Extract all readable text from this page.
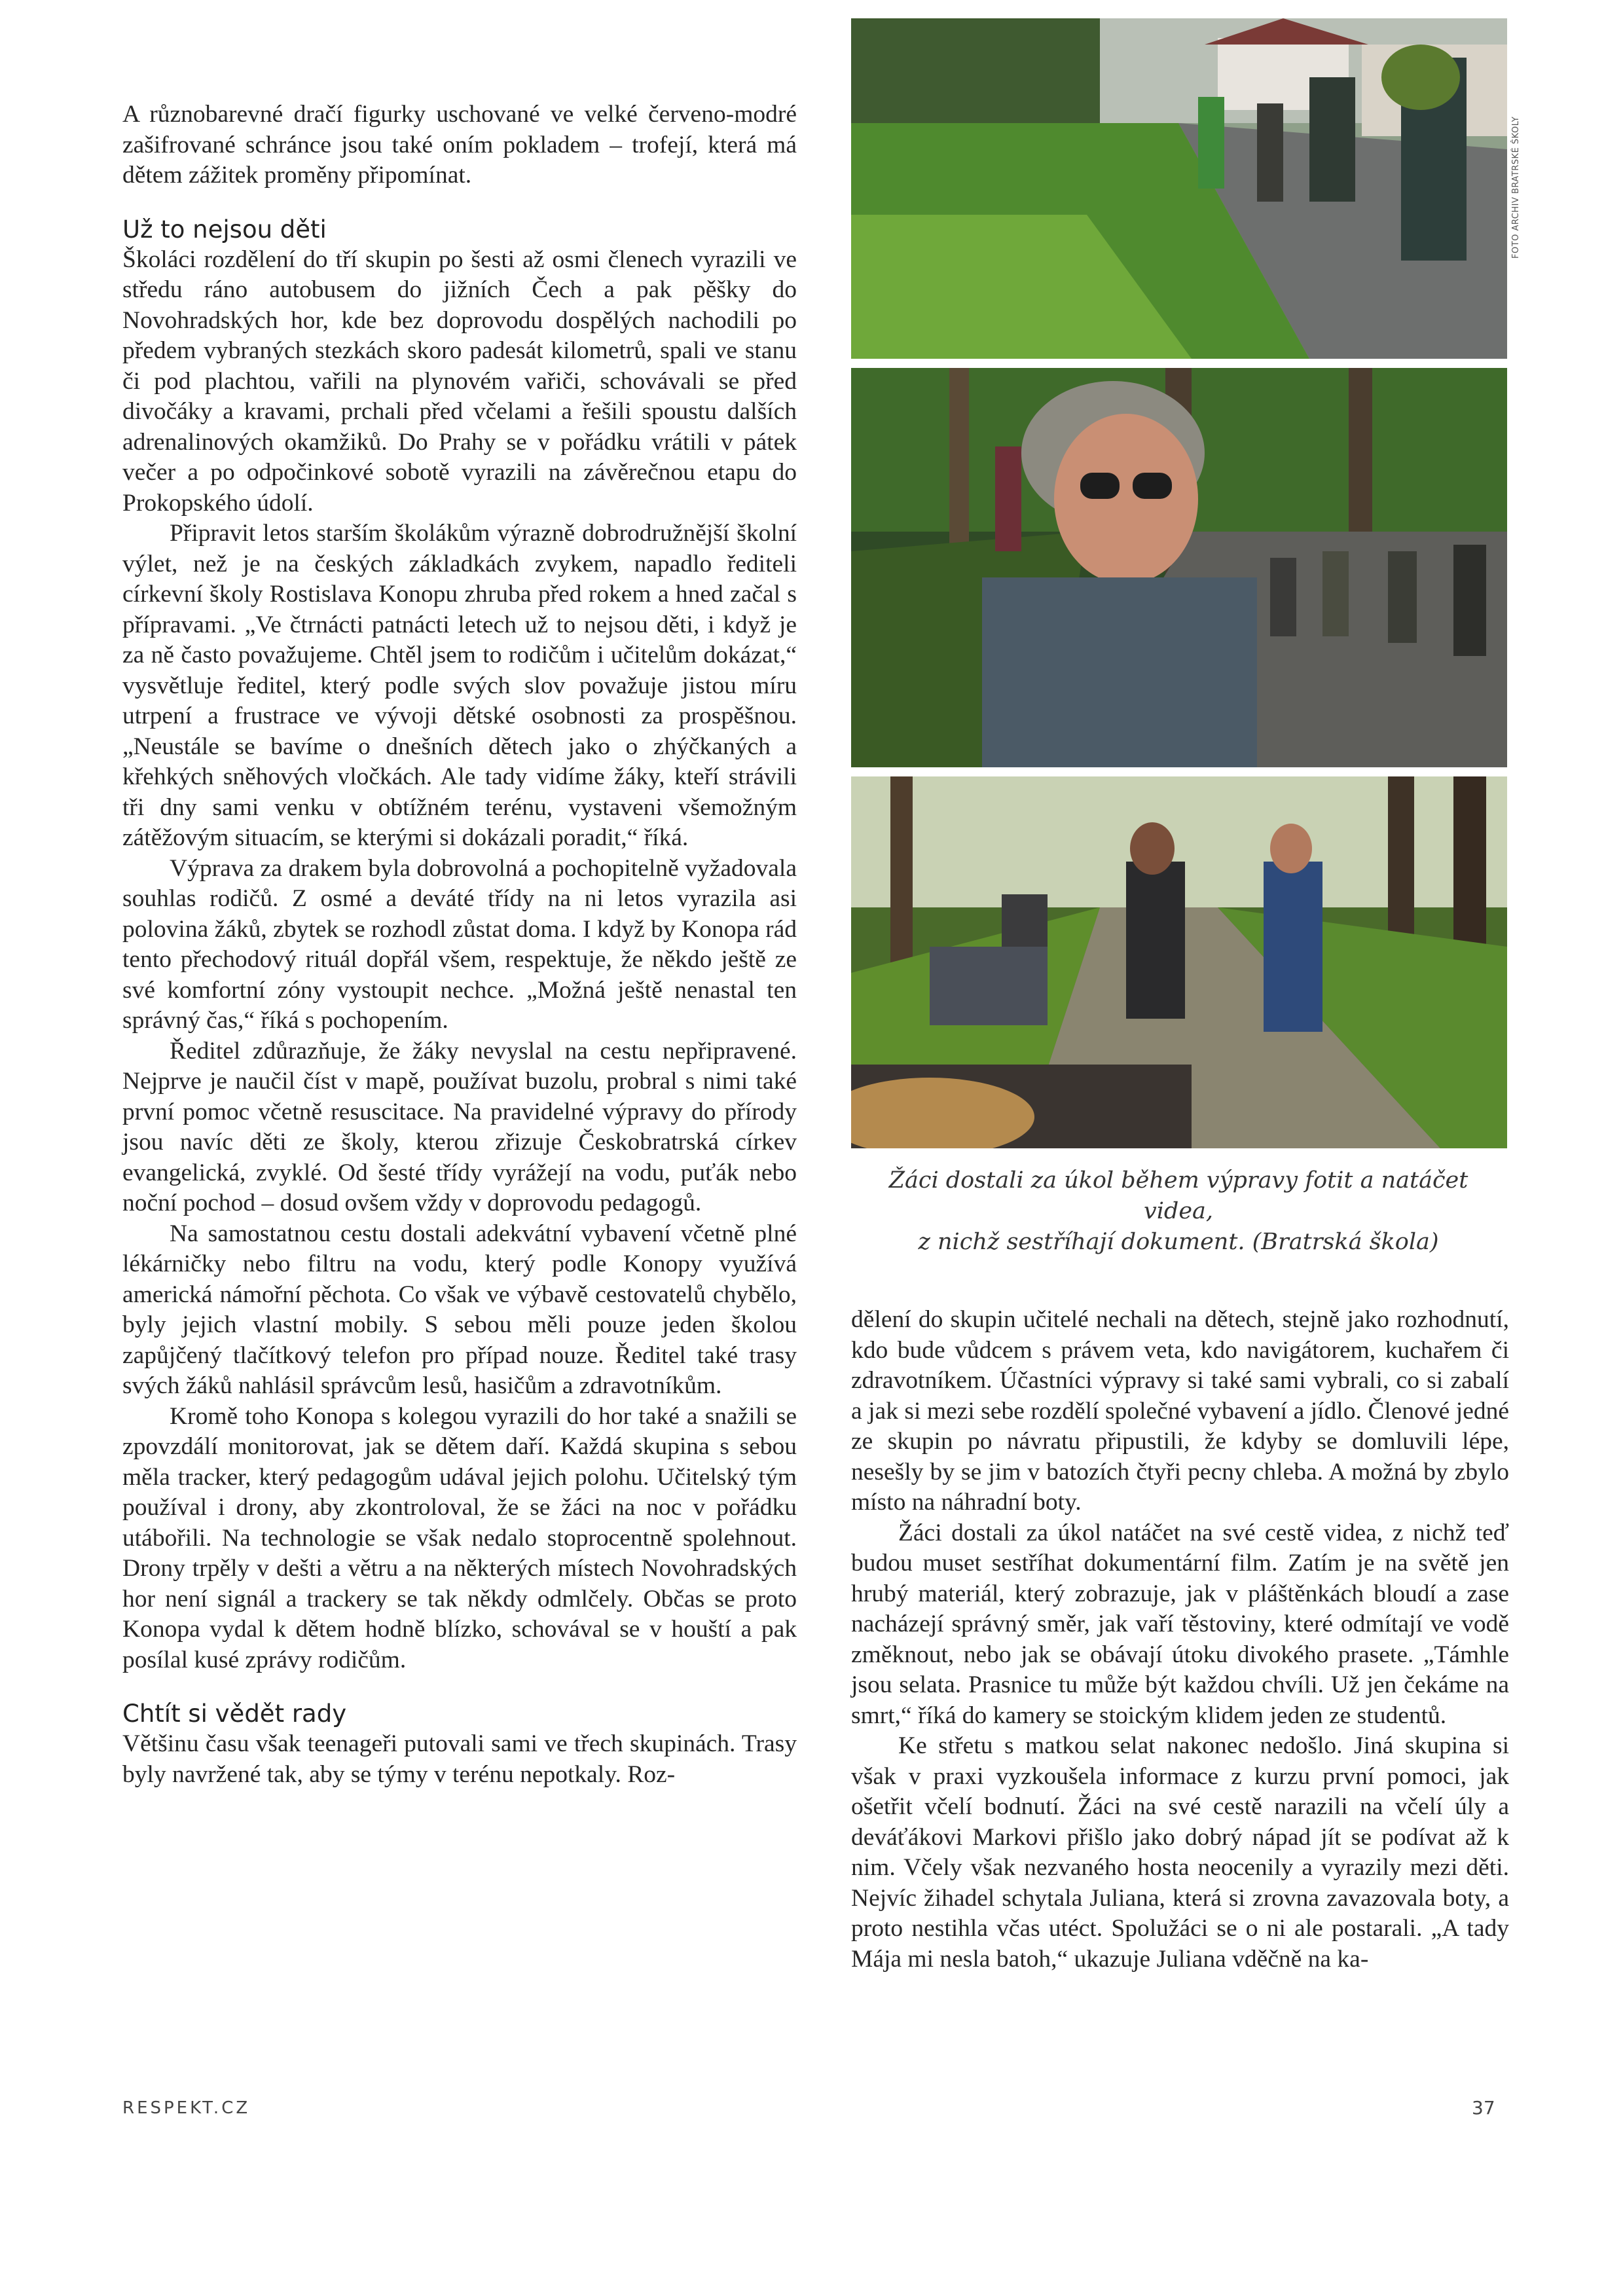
A různobarevné dračí figurky uschované ve velké červeno-modré zašifrované schránce jsou také oním pokladem – trofejí, která má dětem zážitek proměny připomínat.

Už to nejsou děti

Školáci rozdělení do tří skupin po šesti až osmi členech vyrazili ve středu ráno autobusem do jižních Čech a pak pěšky do Novohradských hor, kde bez doprovodu dospělých nachodili po předem vybraných stezkách skoro padesát kilometrů, spali ve stanu či pod plachtou, vařili na plynovém vařiči, schovávali se před divočáky a kravami, prchali před včelami a řešili spoustu dalších adrenalinových okamžiků. Do Prahy se v pořádku vrátili v pátek večer a po odpočinkové sobotě vyrazili na závěrečnou etapu do Prokopského údolí.

Připravit letos starším školákům výrazně dobrodružnější školní výlet, než je na českých základkách zvykem, napadlo řediteli církevní školy Rostislava Konopu zhruba před rokem a hned začal s přípravami. „Ve čtrnácti patnácti letech už to nejsou děti, i když je za ně často považujeme. Chtěl jsem to rodičům i učitelům dokázat,“ vysvětluje ředitel, který podle svých slov považuje jistou míru utrpení a frustrace ve vývoji dětské osobnosti za prospěšnou. „Neustále se bavíme o dnešních dětech jako o zhýčkaných a křehkých sněhových vločkách. Ale tady vidíme žáky, kteří strávili tři dny sami venku v obtížném terénu, vystaveni všemožným zátěžovým situacím, se kterými si dokázali poradit,“ říká.

Výprava za drakem byla dobrovolná a pochopitelně vyžadovala souhlas rodičů. Z osmé a deváté třídy na ni letos vyrazila asi polovina žáků, zbytek se rozhodl zůstat doma. I když by Konopa rád tento přechodový rituál dopřál všem, respektuje, že někdo ještě ze své komfortní zóny vystoupit nechce. „Možná ještě nenastal ten správný čas,“ říká s pochopením.

Ředitel zdůrazňuje, že žáky nevyslal na cestu nepřipravené. Nejprve je naučil číst v mapě, používat buzolu, probral s nimi také první pomoc včetně resuscitace. Na pravidelné výpravy do přírody jsou navíc děti ze školy, kterou zřizuje Českobratrská církev evangelická, zvyklé. Od šesté třídy vyrážejí na vodu, puťák nebo noční pochod – dosud ovšem vždy v doprovodu pedagogů.

Na samostatnou cestu dostali adekvátní vybavení včetně plné lékárničky nebo filtru na vodu, který podle Konopy využívá americká námořní pěchota. Co však ve výbavě cestovatelů chybělo, byly jejich vlastní mobily. S sebou měli pouze jeden školou zapůjčený tlačítkový telefon pro případ nouze. Ředitel také trasy svých žáků nahlásil správcům lesů, hasičům a zdravotníkům.

Kromě toho Konopa s kolegou vyrazili do hor také a snažili se zpovzdálí monitorovat, jak se dětem daří. Každá skupina s sebou měla tracker, který pedagogům udával jejich polohu. Učitelský tým používal i drony, aby zkontroloval, že se žáci na noc v pořádku utábořili. Na technologie se však nedalo stoprocentně spolehnout. Drony trpěly v dešti a větru a na některých místech Novohradských hor není signál a trackery se tak někdy odmlčely. Občas se proto Konopa vydal k dětem hodně blízko, schovával se v houští a pak posílal kusé zprávy rodičům.

Chtít si vědět rady

Většinu času však teenageři putovali sami ve třech skupinách. Trasy byly navržené tak, aby se týmy v terénu nepotkaly. Roz-

FOTO ARCHIV BRATRSKÉ ŠKOLY
Žáci dostali za úkol během výpravy fotit a natáčet videa,
z nichž sestříhají dokument. (Bratrská škola)

dělení do skupin učitelé nechali na dětech, stejně jako rozhodnutí, kdo bude vůdcem s právem veta, kdo navigátorem, kuchařem či zdravotníkem. Účastníci výpravy si také sami vybrali, co si zabalí a jak si mezi sebe rozdělí společné vybavení a jídlo. Členové jedné ze skupin po návratu připustili, že kdyby se domluvili lépe, nesešly by se jim v batozích čtyři pecny chleba. A možná by zbylo místo na náhradní boty.

Žáci dostali za úkol natáčet na své cestě videa, z nichž teď budou muset sestříhat dokumentární film. Zatím je na světě jen hrubý materiál, který zobrazuje, jak v pláštěnkách bloudí a zase nacházejí správný směr, jak vaří těstoviny, které odmítají ve vodě změknout, nebo jak se obávají útoku divokého prasete. „Támhle jsou selata. Prasnice tu může být každou chvíli. Už jen čekáme na smrt,“ říká do kamery se stoickým klidem jeden ze studentů.

Ke střetu s matkou selat nakonec nedošlo. Jiná skupina si však v praxi vyzkoušela informace z kurzu první pomoci, jak ošetřit včelí bodnutí. Žáci na své cestě narazili na včelí úly a deváťákovi Markovi přišlo jako dobrý nápad jít se podívat až k nim. Včely však nezvaného hosta neocenily a vyrazily mezi děti. Nejvíc žihadel schytala Juliana, která si zrovna zavazovala boty, a proto nestihla včas utéct. Spolužáci se o ni ale postarali. „A tady Mája mi nesla batoh,“ ukazuje Juliana vděčně na ka-

RESPEKT.CZ	37
